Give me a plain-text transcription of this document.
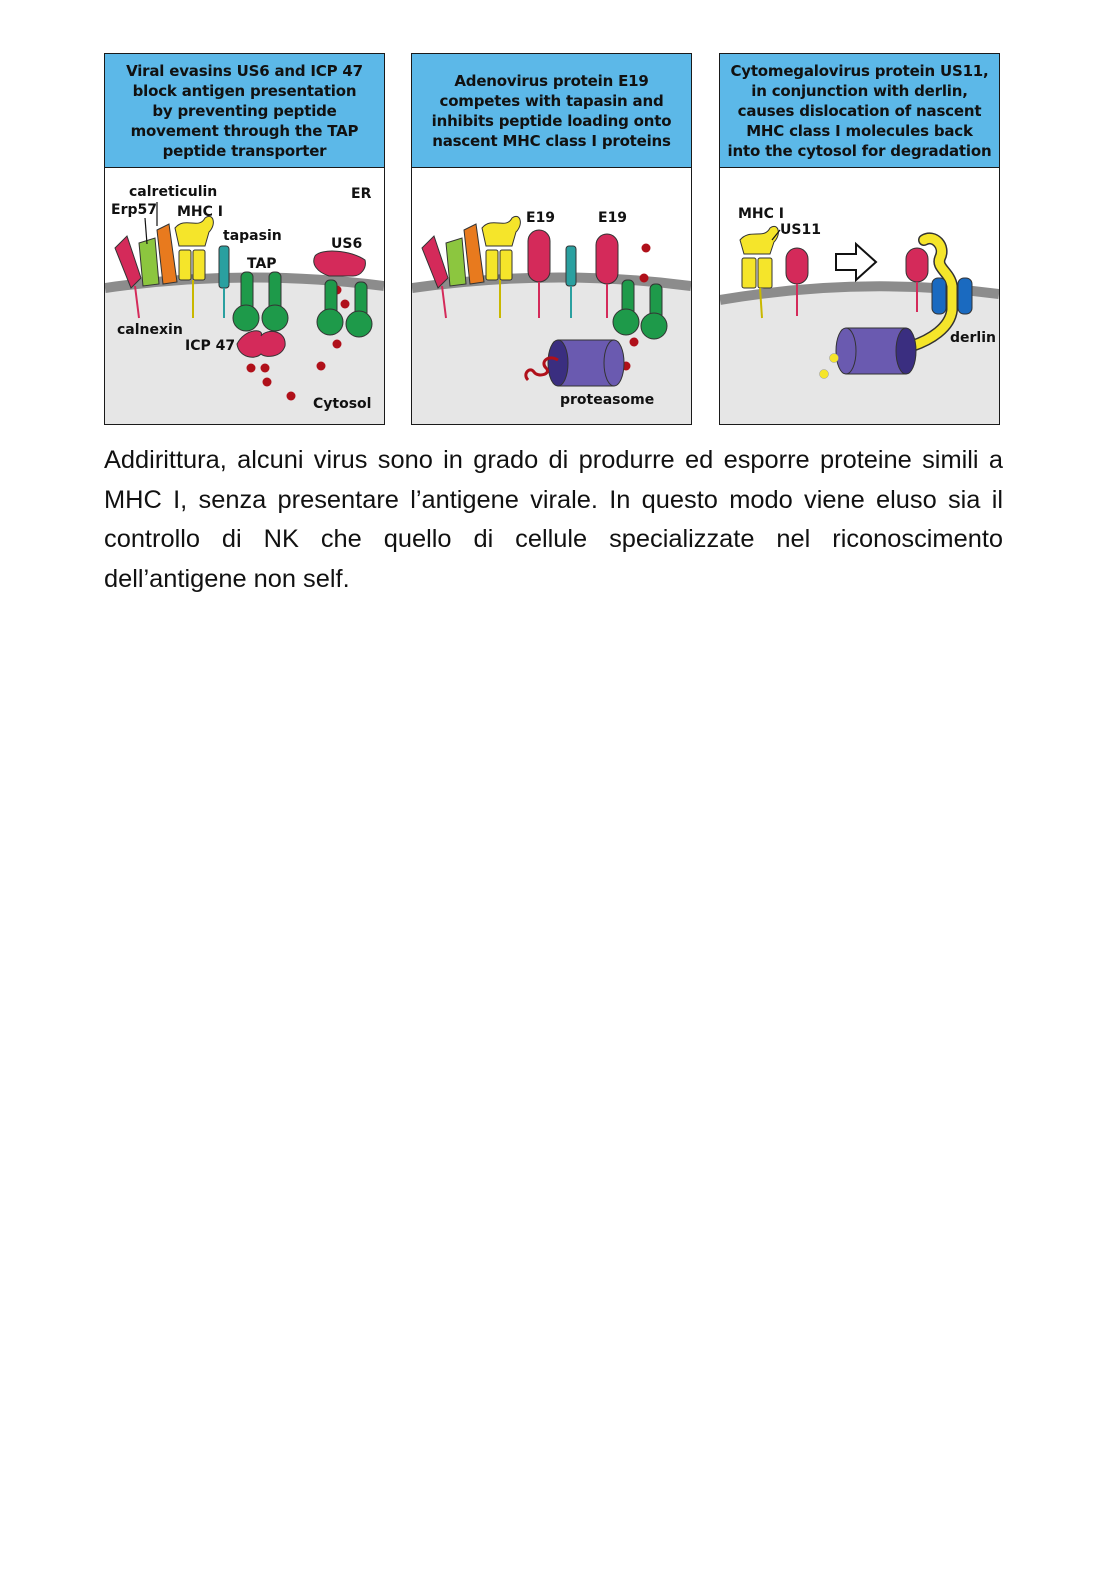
Viral evasins US6 and ICP 47
block antigen presentation
by preventing peptide
movement through the TAP
peptide transporter
calreticulin
Erp57 MHC I
tapasin
ER
TAP
US6
calnexin
ICP 47
Cytosol
Adenovirus protein E19
competes with tapasin and
inhibits peptide loading onto
nascent MHC class I proteins
E19	E19
proteasome
Cytomegalovirus protein US11,
in conjunction with derlin,
causes dislocation of nascent
MHC class I molecules back
into the cytosol for degradation
MHC I
US11
derlin

Addirittura, alcuni virus sono in grado di produrre ed esporre proteine simili a MHC I, senza presentare l’antigene virale. In questo modo viene eluso sia il controllo di NK che quello di cellule specializzate nel riconoscimento dell’antigene non self.
